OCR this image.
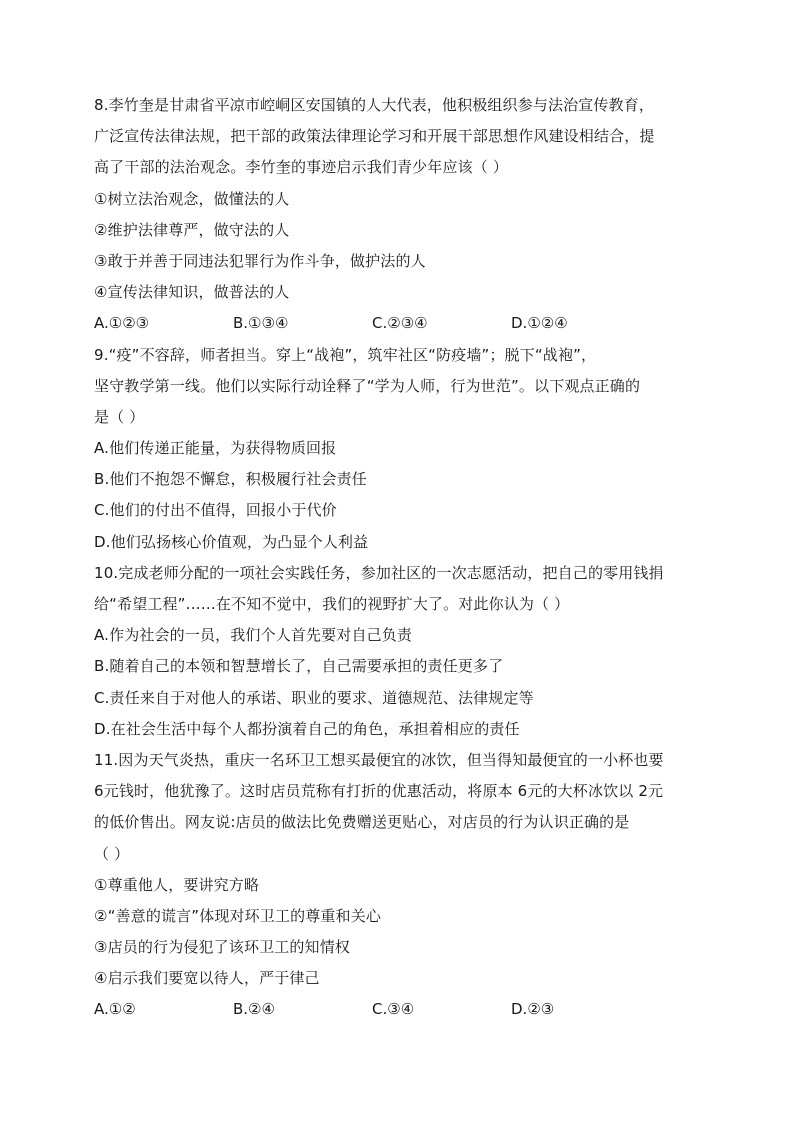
8.李竹奎是甘肃省平凉市崆峒区安国镇的人大代表，他积极组织参与法治宣传教育，
广泛宣传法律法规，把干部的政策法律理论学习和开展干部思想作风建设相结合，提
高了干部的法治观念。李竹奎的事迹启示我们青少年应该（ ）
①树立法治观念，做懂法的人
②维护法律尊严，做守法的人
③敢于并善于同违法犯罪行为作斗争，做护法的人
④宣传法律知识，做普法的人
A.①②③	B.①③④	C.②③④	D.①②④
9.“疫”不容辞，师者担当。穿上“战袍”，筑牢社区“防疫墙”；脱下“战袍”，
坚守教学第一线。他们以实际行动诠释了“学为人师，行为世范”。以下观点正确的
是（ ）
A.他们传递正能量，为获得物质回报
B.他们不抱怨不懈怠，积极履行社会责任
C.他们的付出不值得，回报小于代价
D.他们弘扬核心价值观，为凸显个人利益
10.完成老师分配的一项社会实践任务，参加社区的一次志愿活动，把自己的零用钱捐
给“希望工程”……在不知不觉中，我们的视野扩大了。对此你认为（ ）
A.作为社会的一员，我们个人首先要对自己负责
B.随着自己的本领和智慧增长了，自己需要承担的责任更多了
C.责任来自于对他人的承诺、职业的要求、道德规范、法律规定等
D.在社会生活中每个人都扮演着自己的角色，承担着相应的责任
11.因为天气炎热，重庆一名环卫工想买最便宜的冰饮，但当得知最便宜的一小杯也要
6元钱时，他犹豫了。这时店员荒称有打折的优惠活动，将原本 6元的大杯冰饮以 2元
的低价售出。网友说:店员的做法比免费赠送更贴心，对店员的行为认识正确的是
（ ）
①尊重他人，要讲究方略
②“善意的谎言”体现对环卫工的尊重和关心
③店员的行为侵犯了该环卫工的知情权
④启示我们要宽以待人，严于律己
A.①②	B.②④	C.③④	D.②③
